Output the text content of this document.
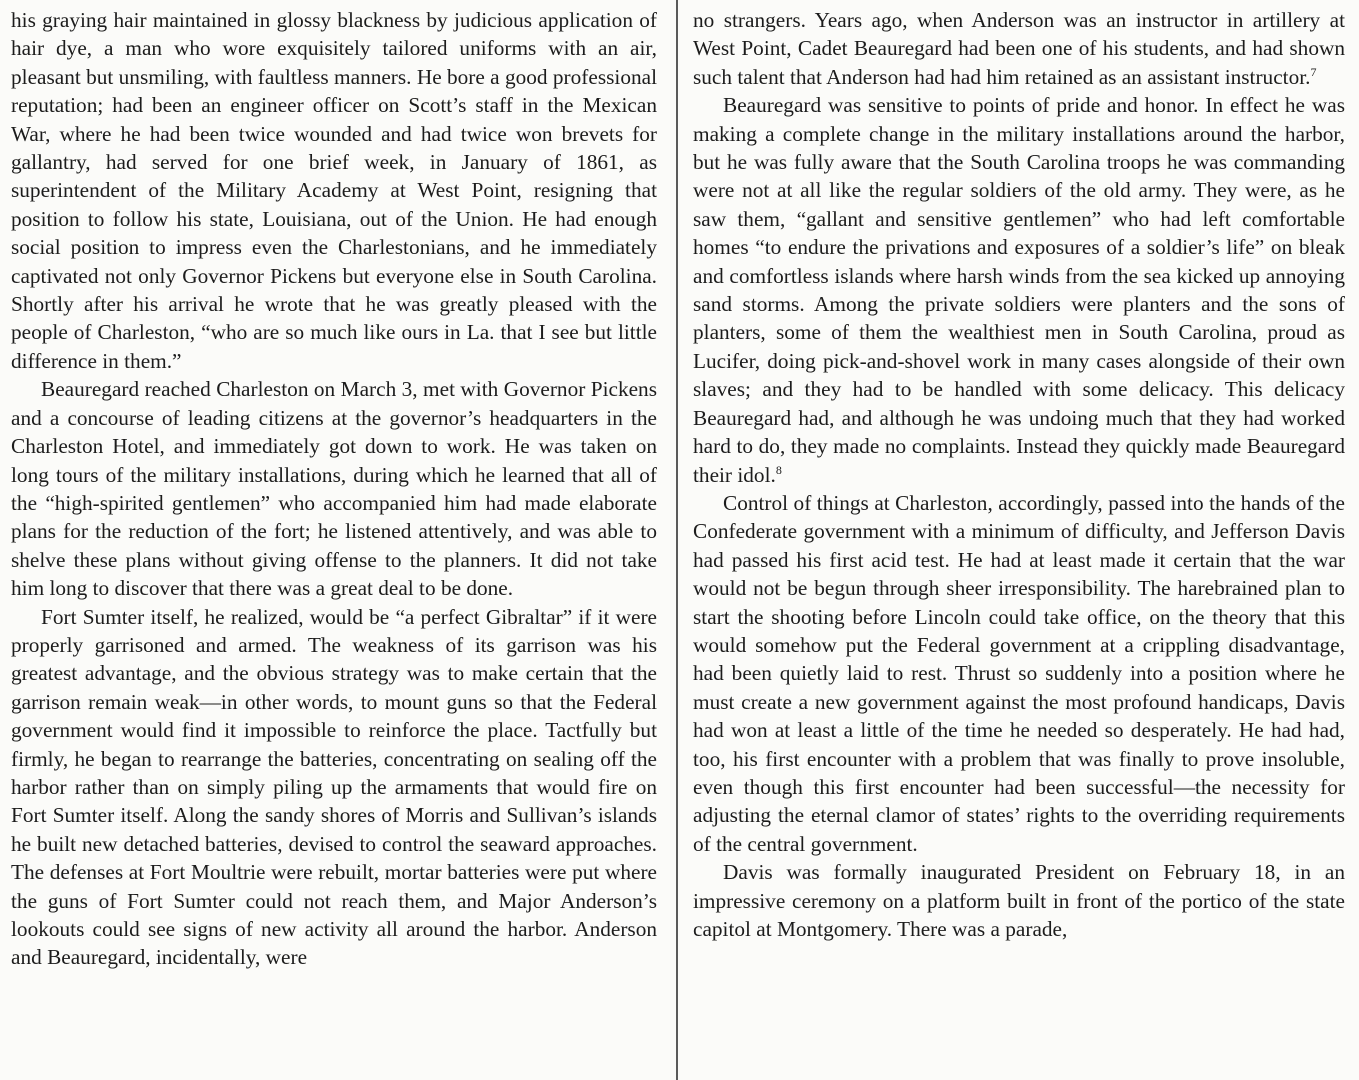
his graying hair maintained in glossy blackness by judicious application of hair dye, a man who wore exquisitely tailored uniforms with an air, pleasant but unsmiling, with faultless manners. He bore a good professional reputation; had been an engineer officer on Scott’s staff in the Mexican War, where he had been twice wounded and had twice won brevets for gallantry, had served for one brief week, in January of 1861, as superintendent of the Military Academy at West Point, resigning that position to follow his state, Louisiana, out of the Union. He had enough social position to impress even the Charlestonians, and he immediately captivated not only Governor Pickens but everyone else in South Carolina. Shortly after his arrival he wrote that he was greatly pleased with the people of Charleston, “who are so much like ours in La. that I see but little difference in them.”

Beauregard reached Charleston on March 3, met with Governor Pickens and a concourse of leading citizens at the governor’s headquarters in the Charleston Hotel, and immediately got down to work. He was taken on long tours of the military installations, during which he learned that all of the “high-spirited gentlemen” who accompanied him had made elaborate plans for the reduction of the fort; he listened attentively, and was able to shelve these plans without giving offense to the planners. It did not take him long to discover that there was a great deal to be done.

Fort Sumter itself, he realized, would be “a perfect Gibraltar” if it were properly garrisoned and armed. The weakness of its garrison was his greatest advantage, and the obvious strategy was to make certain that the garrison remain weak—in other words, to mount guns so that the Federal government would find it impossible to reinforce the place. Tactfully but firmly, he began to rearrange the batteries, concentrating on sealing off the harbor rather than on simply piling up the armaments that would fire on Fort Sumter itself. Along the sandy shores of Morris and Sullivan’s islands he built new detached batteries, devised to control the seaward approaches. The defenses at Fort Moultrie were rebuilt, mortar batteries were put where the guns of Fort Sumter could not reach them, and Major Anderson’s lookouts could see signs of new activity all around the harbor. Anderson and Beauregard, incidentally, were

no strangers. Years ago, when Anderson was an instructor in artillery at West Point, Cadet Beauregard had been one of his students, and had shown such talent that Anderson had had him retained as an assistant instructor.$^7$

Beauregard was sensitive to points of pride and honor. In effect he was making a complete change in the military installations around the harbor, but he was fully aware that the South Carolina troops he was commanding were not at all like the regular soldiers of the old army. They were, as he saw them, “gallant and sensitive gentlemen” who had left comfortable homes “to endure the privations and exposures of a soldier’s life” on bleak and comfortless islands where harsh winds from the sea kicked up annoying sand storms. Among the private soldiers were planters and the sons of planters, some of them the wealthiest men in South Carolina, proud as Lucifer, doing pick-and-shovel work in many cases alongside of their own slaves; and they had to be handled with some delicacy. This delicacy Beauregard had, and although he was undoing much that they had worked hard to do, they made no complaints. Instead they quickly made Beauregard their idol.$^8$

Control of things at Charleston, accordingly, passed into the hands of the Confederate government with a minimum of difficulty, and Jefferson Davis had passed his first acid test. He had at least made it certain that the war would not be begun through sheer irresponsibility. The harebrained plan to start the shooting before Lincoln could take office, on the theory that this would somehow put the Federal government at a crippling disadvantage, had been quietly laid to rest. Thrust so suddenly into a position where he must create a new government against the most profound handicaps, Davis had won at least a little of the time he needed so desperately. He had had, too, his first encounter with a problem that was finally to prove insoluble, even though this first encounter had been successful—the necessity for adjusting the eternal clamor of states’ rights to the overriding requirements of the central government.

Davis was formally inaugurated President on February 18, in an impressive ceremony on a platform built in front of the portico of the state capitol at Montgomery. There was a parade,
